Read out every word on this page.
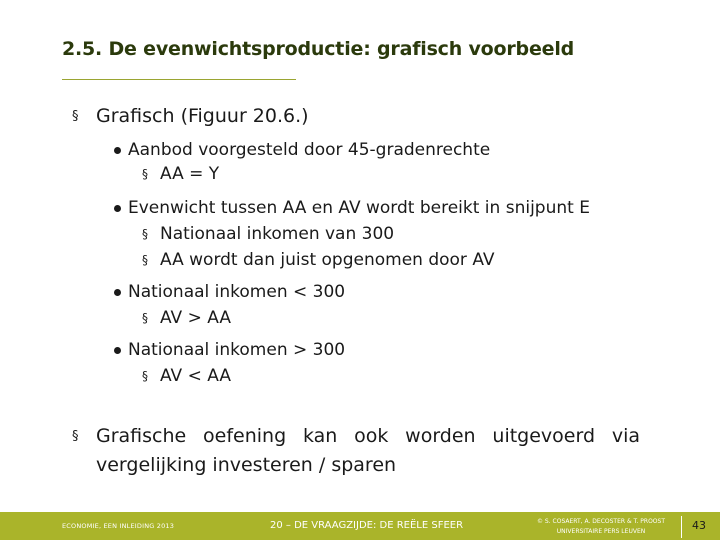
2.5. De evenwichtsproductie: grafisch voorbeeld
§ Grafisch (Figuur 20.6.)
Aanbod voorgesteld door 45-gradenrechte
§ AA = Y
Evenwicht tussen AA en AV wordt bereikt in snijpunt E
§ Nationaal inkomen van 300
§ AA wordt dan juist opgenomen door AV
Nationaal inkomen < 300
§ AV > AA
Nationaal inkomen > 300
§ AV < AA
§ Grafische oefening kan ook worden uitgevoerd via vergelijking investeren / sparen
ECONOMIE, EEN INLEIDING 2013	20 – DE VRAAGZIJDE: DE REËLE SFEER	© S. COSAERT, A. DECOSTER & T. PROOST
UNIVERSITAIRE PERS LEUVEN	43
